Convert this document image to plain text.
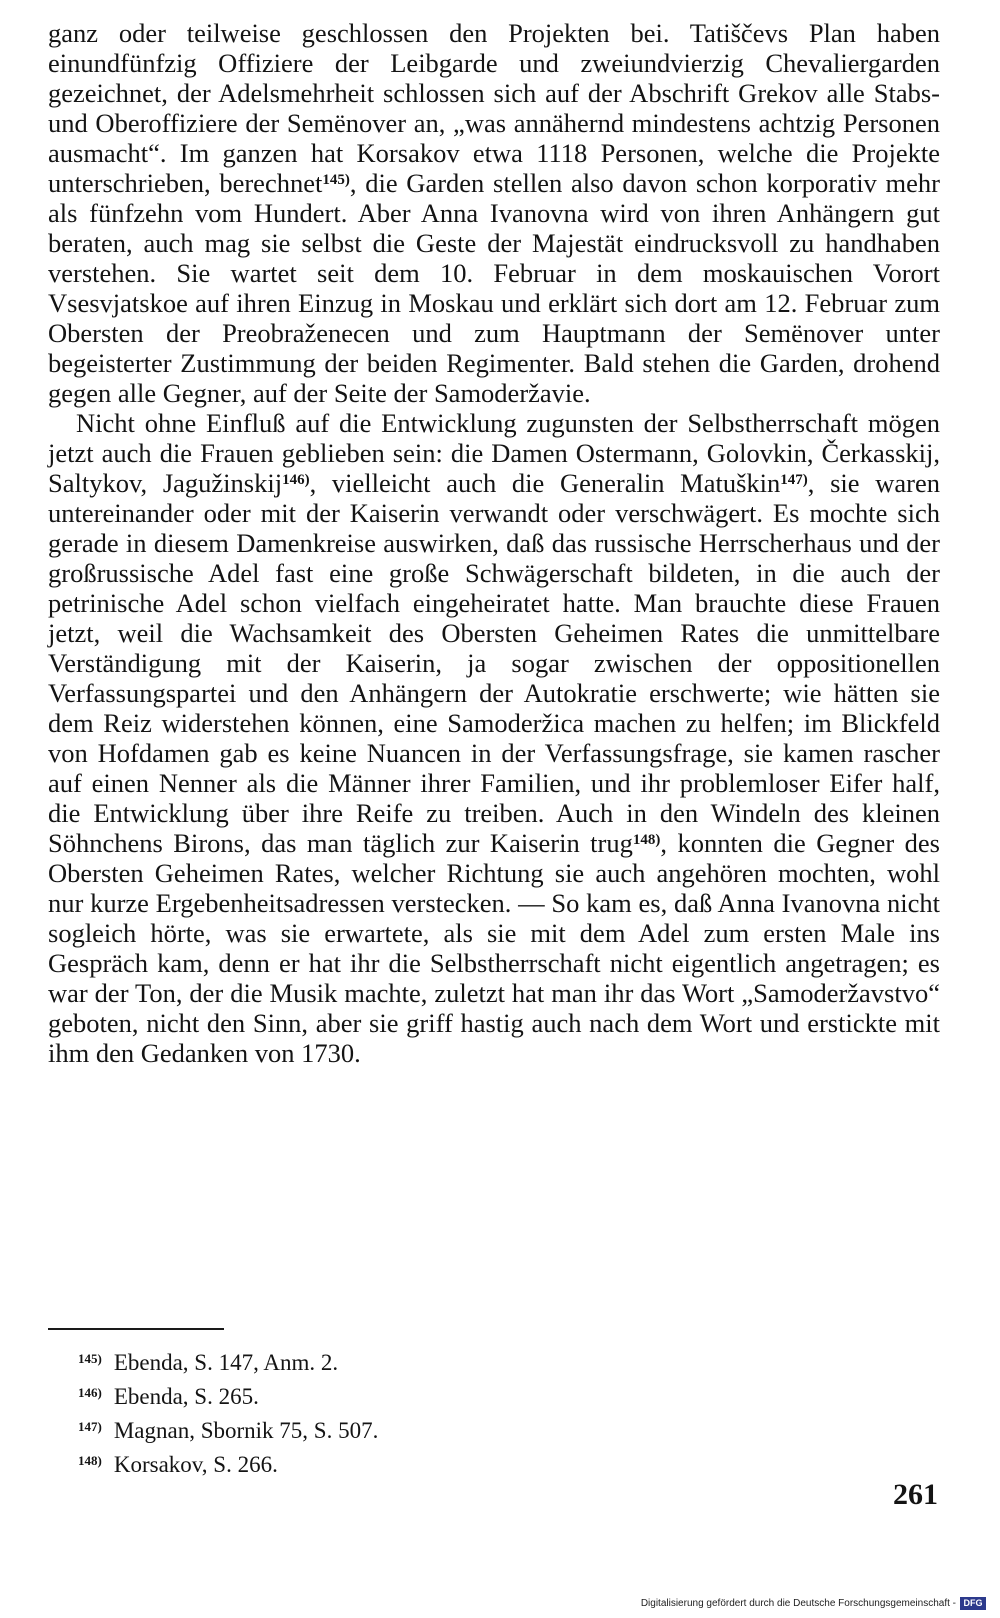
ganz oder teilweise geschlossen den Projekten bei. Tatiščevs Plan haben einundfünfzig Offiziere der Leibgarde und zweiundvierzig Chevaliergarden gezeichnet, der Adelsmehrheit schlossen sich auf der Abschrift Grekov alle Stabs- und Oberoffiziere der Semënover an, „was annähernd mindestens achtzig Personen ausmacht“. Im ganzen hat Korsakov etwa 1118 Personen, welche die Projekte unterschrieben, berechnet$^{145)}$, die Garden stellen also davon schon korporativ mehr als fünfzehn vom Hundert. Aber Anna Ivanovna wird von ihren Anhängern gut beraten, auch mag sie selbst die Geste der Majestät eindrucksvoll zu handhaben verstehen. Sie wartet seit dem 10. Februar in dem moskauischen Vorort Vsesvjatskoe auf ihren Einzug in Moskau und erklärt sich dort am 12. Februar zum Obersten der Preobraženecen und zum Hauptmann der Semënover unter begeisterter Zustimmung der beiden Regimenter. Bald stehen die Garden, drohend gegen alle Gegner, auf der Seite der Samoderžavie.

Nicht ohne Einfluß auf die Entwicklung zugunsten der Selbstherrschaft mögen jetzt auch die Frauen geblieben sein: die Damen Ostermann, Golovkin, Čerkasskij, Saltykov, Jagužinskij$^{146)}$, vielleicht auch die Generalin Matuškin$^{147)}$, sie waren untereinander oder mit der Kaiserin verwandt oder verschwägert. Es mochte sich gerade in diesem Damenkreise auswirken, daß das russische Herrscherhaus und der großrussische Adel fast eine große Schwägerschaft bildeten, in die auch der petrinische Adel schon vielfach eingeheiratet hatte. Man brauchte diese Frauen jetzt, weil die Wachsamkeit des Obersten Geheimen Rates die unmittelbare Verständigung mit der Kaiserin, ja sogar zwischen der oppositionellen Verfassungspartei und den Anhängern der Autokratie erschwerte; wie hätten sie dem Reiz widerstehen können, eine Samoderžica machen zu helfen; im Blickfeld von Hofdamen gab es keine Nuancen in der Verfassungsfrage, sie kamen rascher auf einen Nenner als die Männer ihrer Familien, und ihr problemloser Eifer half, die Entwicklung über ihre Reife zu treiben. Auch in den Windeln des kleinen Söhnchens Birons, das man täglich zur Kaiserin trug$^{148)}$, konnten die Gegner des Obersten Geheimen Rates, welcher Richtung sie auch angehören mochten, wohl nur kurze Ergebenheitsadressen verstecken. — So kam es, daß Anna Ivanovna nicht sogleich hörte, was sie erwartete, als sie mit dem Adel zum ersten Male ins Gespräch kam, denn er hat ihr die Selbstherrschaft nicht eigentlich angetragen; es war der Ton, der die Musik machte, zuletzt hat man ihr das Wort „Samoderžavstvo“ geboten, nicht den Sinn, aber sie griff hastig auch nach dem Wort und erstickte mit ihm den Gedanken von 1730.

$^{145)}$ Ebenda, S. 147, Anm. 2.
$^{146)}$ Ebenda, S. 265.
$^{147)}$ Magnan, Sbornik 75, S. 507.
$^{148)}$ Korsakov, S. 266.
261
Digitalisierung gefördert durch die Deutsche Forschungsgemeinschaft - DFG
